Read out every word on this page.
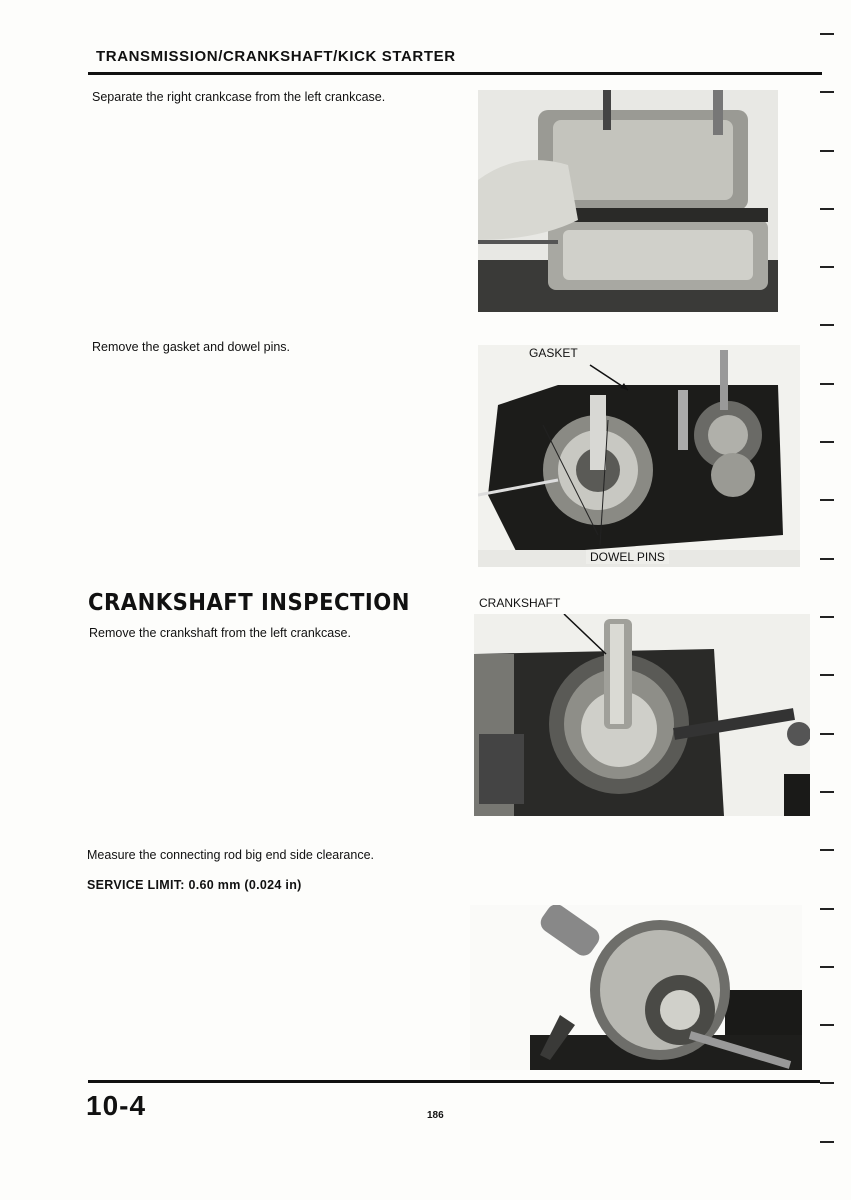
TRANSMISSION/CRANKSHAFT/KICK STARTER
Separate the right crankcase from the left crankcase.
Remove the gasket and dowel pins.	GASKET
DOWEL PINS
CRANKSHAFT INSPECTION
Remove the crankshaft from the left crankcase.
CRANKSHAFT
Measure the connecting rod big end side clearance.
SERVICE LIMIT: 0.60 mm (0.024 in)
10-4	186
